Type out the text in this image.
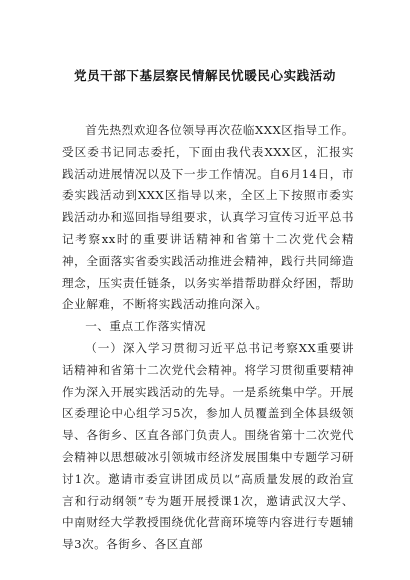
党员干部下基层察民情解民忧暖民心实践活动

首先热烈欢迎各位领导再次莅临XXX区指导工作。受区委书记同志委托，下面由我代表XXX区，汇报实践活动进展情况以及下一步工作情况。自6月14日，市委实践活动到XXX区指导以来，全区上下按照市委实践活动办和巡回指导组要求，认真学习宣传习近平总书记考察xx时的重要讲话精神和省第十二次党代会精神，全面落实省委实践活动推进会精神，践行共同缔造理念，压实责任链条，以务实举措帮助群众纾困，帮助企业解难，不断将实践活动推向深入。

一、重点工作落实情况

（一）深入学习贯彻习近平总书记考察XX重要讲话精神和省第十二次党代会精神。将学习贯彻重要精神作为深入开展实践活动的先导。一是系统集中学。开展区委理论中心组学习5次，参加人员覆盖到全体县级领导、各街乡、区直各部门负责人。围绕省第十二次党代会精神以思想破冰引领城市经济发展围集中专题学习研讨1次。邀请市委宣讲团成员以“高质量发展的政治宣言和行动纲领”专为题开展授课1次，邀请武汉大学、中南财经大学教授围绕优化营商环境等内容进行专题辅导3次。各街乡、各区直部
